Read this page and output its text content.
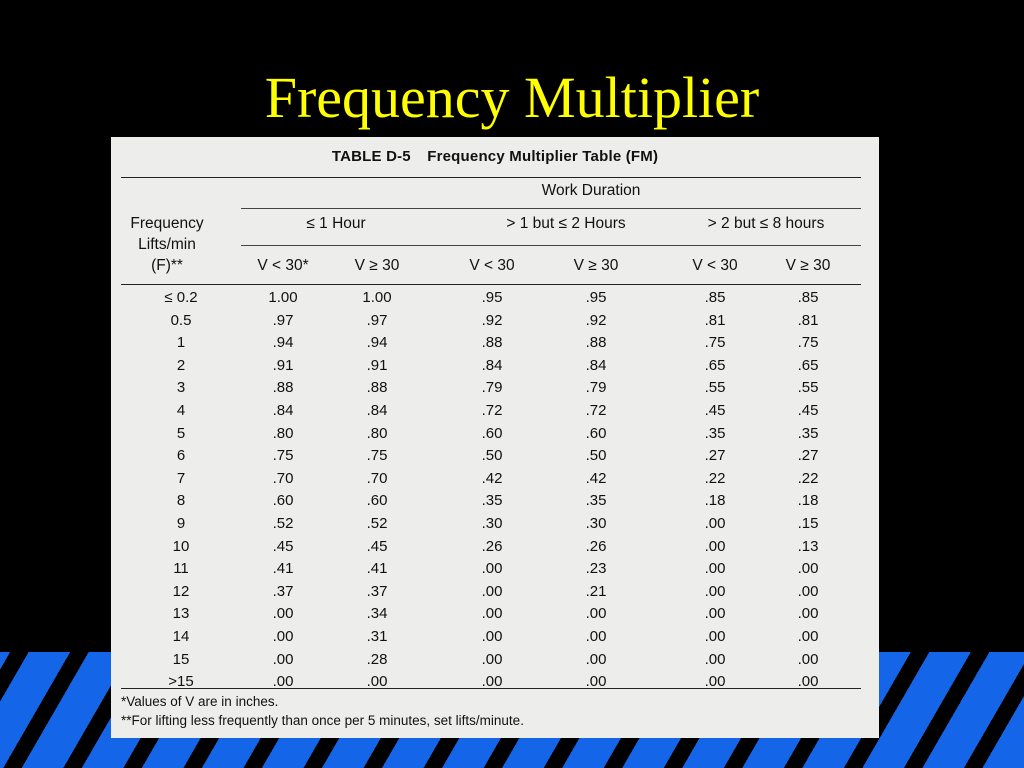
Frequency Multiplier
TABLE D-5 Frequency Multiplier Table (FM)
Work Duration
≤ 1 Hour	> 1 but ≤ 2 Hours	> 2 but ≤ 8 hours
Frequency
Lifts/min
(F)**	V < 30*	V ≥ 30	V < 30	V ≥ 30	V < 30	V ≥ 30
≤ 0.2	1.00	1.00	.95	.95	.85	.85
0.5	.97	.97	.92	.92	.81	.81
1	.94	.94	.88	.88	.75	.75
2	.91	.91	.84	.84	.65	.65
3	.88	.88	.79	.79	.55	.55
4	.84	.84	.72	.72	.45	.45
5	.80	.80	.60	.60	.35	.35
6	.75	.75	.50	.50	.27	.27
7	.70	.70	.42	.42	.22	.22
8	.60	.60	.35	.35	.18	.18
9	.52	.52	.30	.30	.00	.15
10	.45	.45	.26	.26	.00	.13
11	.41	.41	.00	.23	.00	.00
12	.37	.37	.00	.21	.00	.00
13	.00	.34	.00	.00	.00	.00
14	.00	.31	.00	.00	.00	.00
15	.00	.28	.00	.00	.00	.00
>15	.00	.00	.00	.00	.00	.00
*Values of V are in inches.
**For lifting less frequently than once per 5 minutes, set lifts/minute.
